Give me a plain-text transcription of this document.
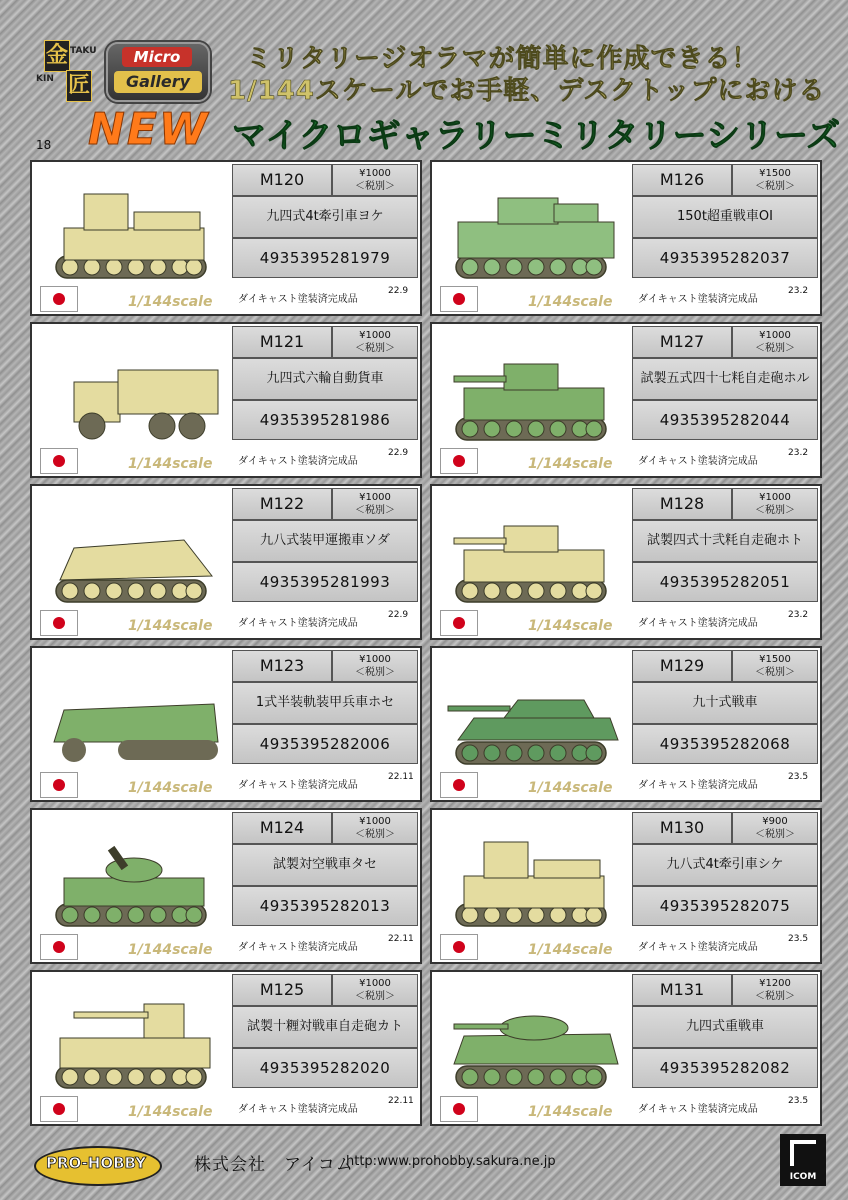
金 TAKU
KIN 匠
Micro
Gallery
ミリタリージオラマが簡単に作成できる！
1/144スケールでお手軽、デスクトップにおける
NEW マイクロギャラリーミリタリーシリーズ
18
1/144scale
M120	¥1000
＜税別＞
九四式4t牽引車ヨケ
4935395281979
ダイキャスト塗装済完成品
22.9
1/144scale
M126	¥1500
＜税別＞
150t超重戦車OI
4935395282037
ダイキャスト塗装済完成品
23.2
1/144scale
M121	¥1000
＜税別＞
九四式六輪自動貨車
4935395281986
ダイキャスト塗装済完成品
22.9
1/144scale
M127	¥1000
＜税別＞
試製五式四十七粍自走砲ホル
4935395282044
ダイキャスト塗装済完成品
23.2
1/144scale
M122	¥1000
＜税別＞
九八式装甲運搬車ソダ
4935395281993
ダイキャスト塗装済完成品
22.9
1/144scale
M128	¥1000
＜税別＞
試製四式十弐粍自走砲ホト
4935395282051
ダイキャスト塗装済完成品
23.2
1/144scale
M123	¥1000
＜税別＞
1式半装軌装甲兵車ホセ
4935395282006
ダイキャスト塗装済完成品
22.11
1/144scale
M129	¥1500
＜税別＞
九十式戦車
4935395282068
ダイキャスト塗装済完成品
23.5
1/144scale
M124	¥1000
＜税別＞
試製対空戦車タセ
4935395282013
ダイキャスト塗装済完成品
22.11
1/144scale
M130	¥900
＜税別＞
九八式4t牽引車シケ
4935395282075
ダイキャスト塗装済完成品
23.5
1/144scale
M125	¥1000
＜税別＞
試製十糎対戦車自走砲カト
4935395282020
ダイキャスト塗装済完成品
22.11
1/144scale
M131	¥1200
＜税別＞
九四式重戦車
4935395282082
ダイキャスト塗装済完成品
23.5
PRO-HOBBY	株式会社　アイコム
http:www.prohobby.sakura.ne.jp
ICOM
